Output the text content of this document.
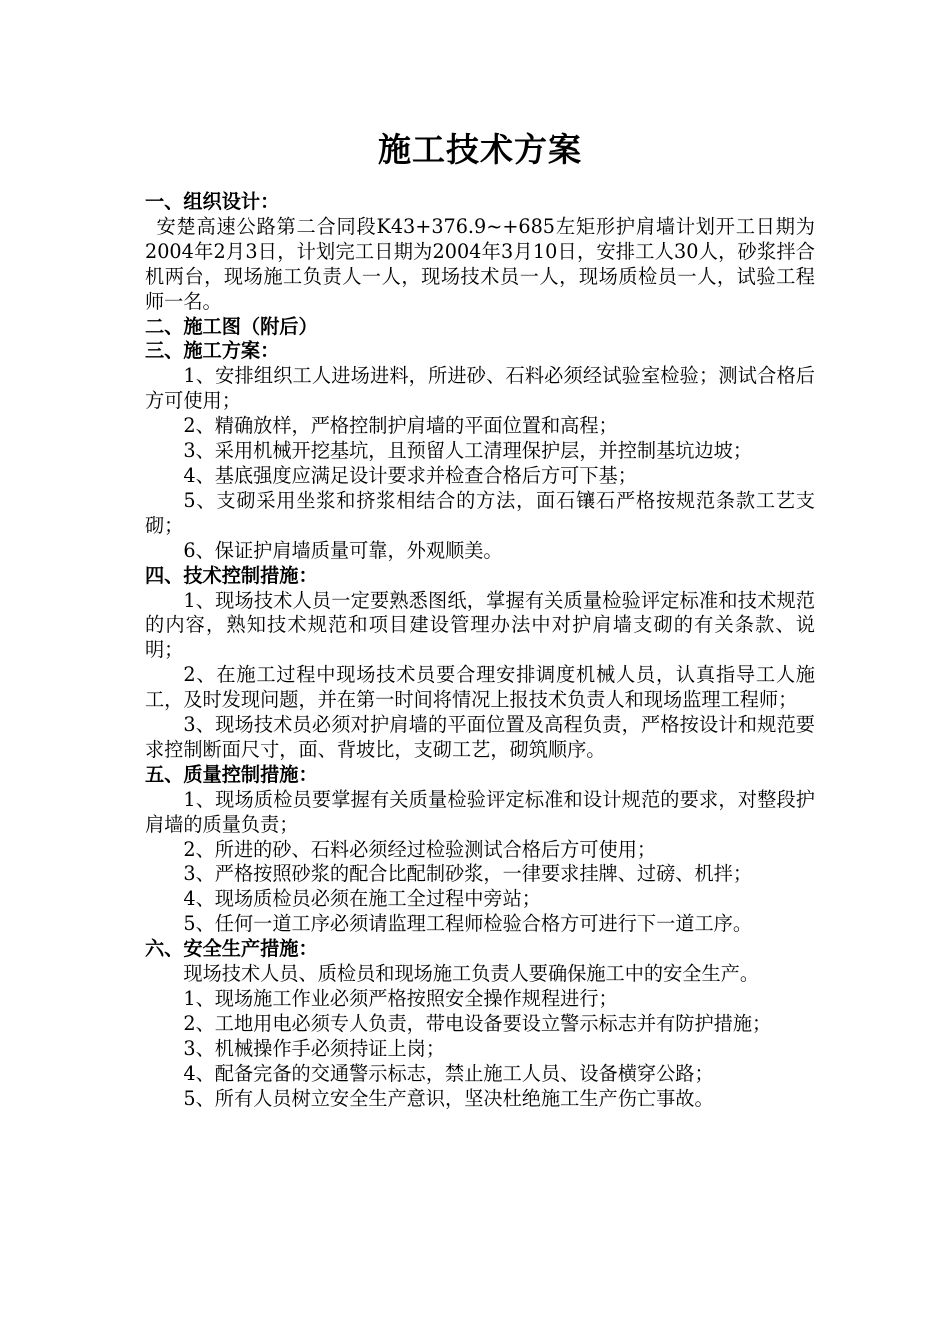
施工技术方案

一、组织设计：

安楚高速公路第二合同段K43+376.9~+685左矩形护肩墙计划开工日期为2004年2月3日，计划完工日期为2004年3月10日，安排工人30人，砂浆拌合机两台，现场施工负责人一人，现场技术员一人，现场质检员一人，试验工程师一名。

二、施工图（附后）

三、施工方案：

1、安排组织工人进场进料，所进砂、石料必须经试验室检验；测试合格后方可使用；

2、精确放样，严格控制护肩墙的平面位置和高程；

3、采用机械开挖基坑，且预留人工清理保护层，并控制基坑边坡；

4、基底强度应满足设计要求并检查合格后方可下基；

5、支砌采用坐浆和挤浆相结合的方法，面石镶石严格按规范条款工艺支砌；

6、保证护肩墙质量可靠，外观顺美。

四、技术控制措施：

1、现场技术人员一定要熟悉图纸，掌握有关质量检验评定标准和技术规范的内容，熟知技术规范和项目建设管理办法中对护肩墙支砌的有关条款、说明；

2、在施工过程中现场技术员要合理安排调度机械人员，认真指导工人施工，及时发现问题，并在第一时间将情况上报技术负责人和现场监理工程师；

3、现场技术员必须对护肩墙的平面位置及高程负责，严格按设计和规范要求控制断面尺寸，面、背坡比，支砌工艺，砌筑顺序。

五、质量控制措施：

1、现场质检员要掌握有关质量检验评定标准和设计规范的要求，对整段护肩墙的质量负责；

2、所进的砂、石料必须经过检验测试合格后方可使用；

3、严格按照砂浆的配合比配制砂浆，一律要求挂牌、过磅、机拌；

4、现场质检员必须在施工全过程中旁站；

5、任何一道工序必须请监理工程师检验合格方可进行下一道工序。

六、安全生产措施：

现场技术人员、质检员和现场施工负责人要确保施工中的安全生产。

1、现场施工作业必须严格按照安全操作规程进行；

2、工地用电必须专人负责，带电设备要设立警示标志并有防护措施；

3、机械操作手必须持证上岗；

4、配备完备的交通警示标志，禁止施工人员、设备横穿公路；

5、所有人员树立安全生产意识，坚决杜绝施工生产伤亡事故。
